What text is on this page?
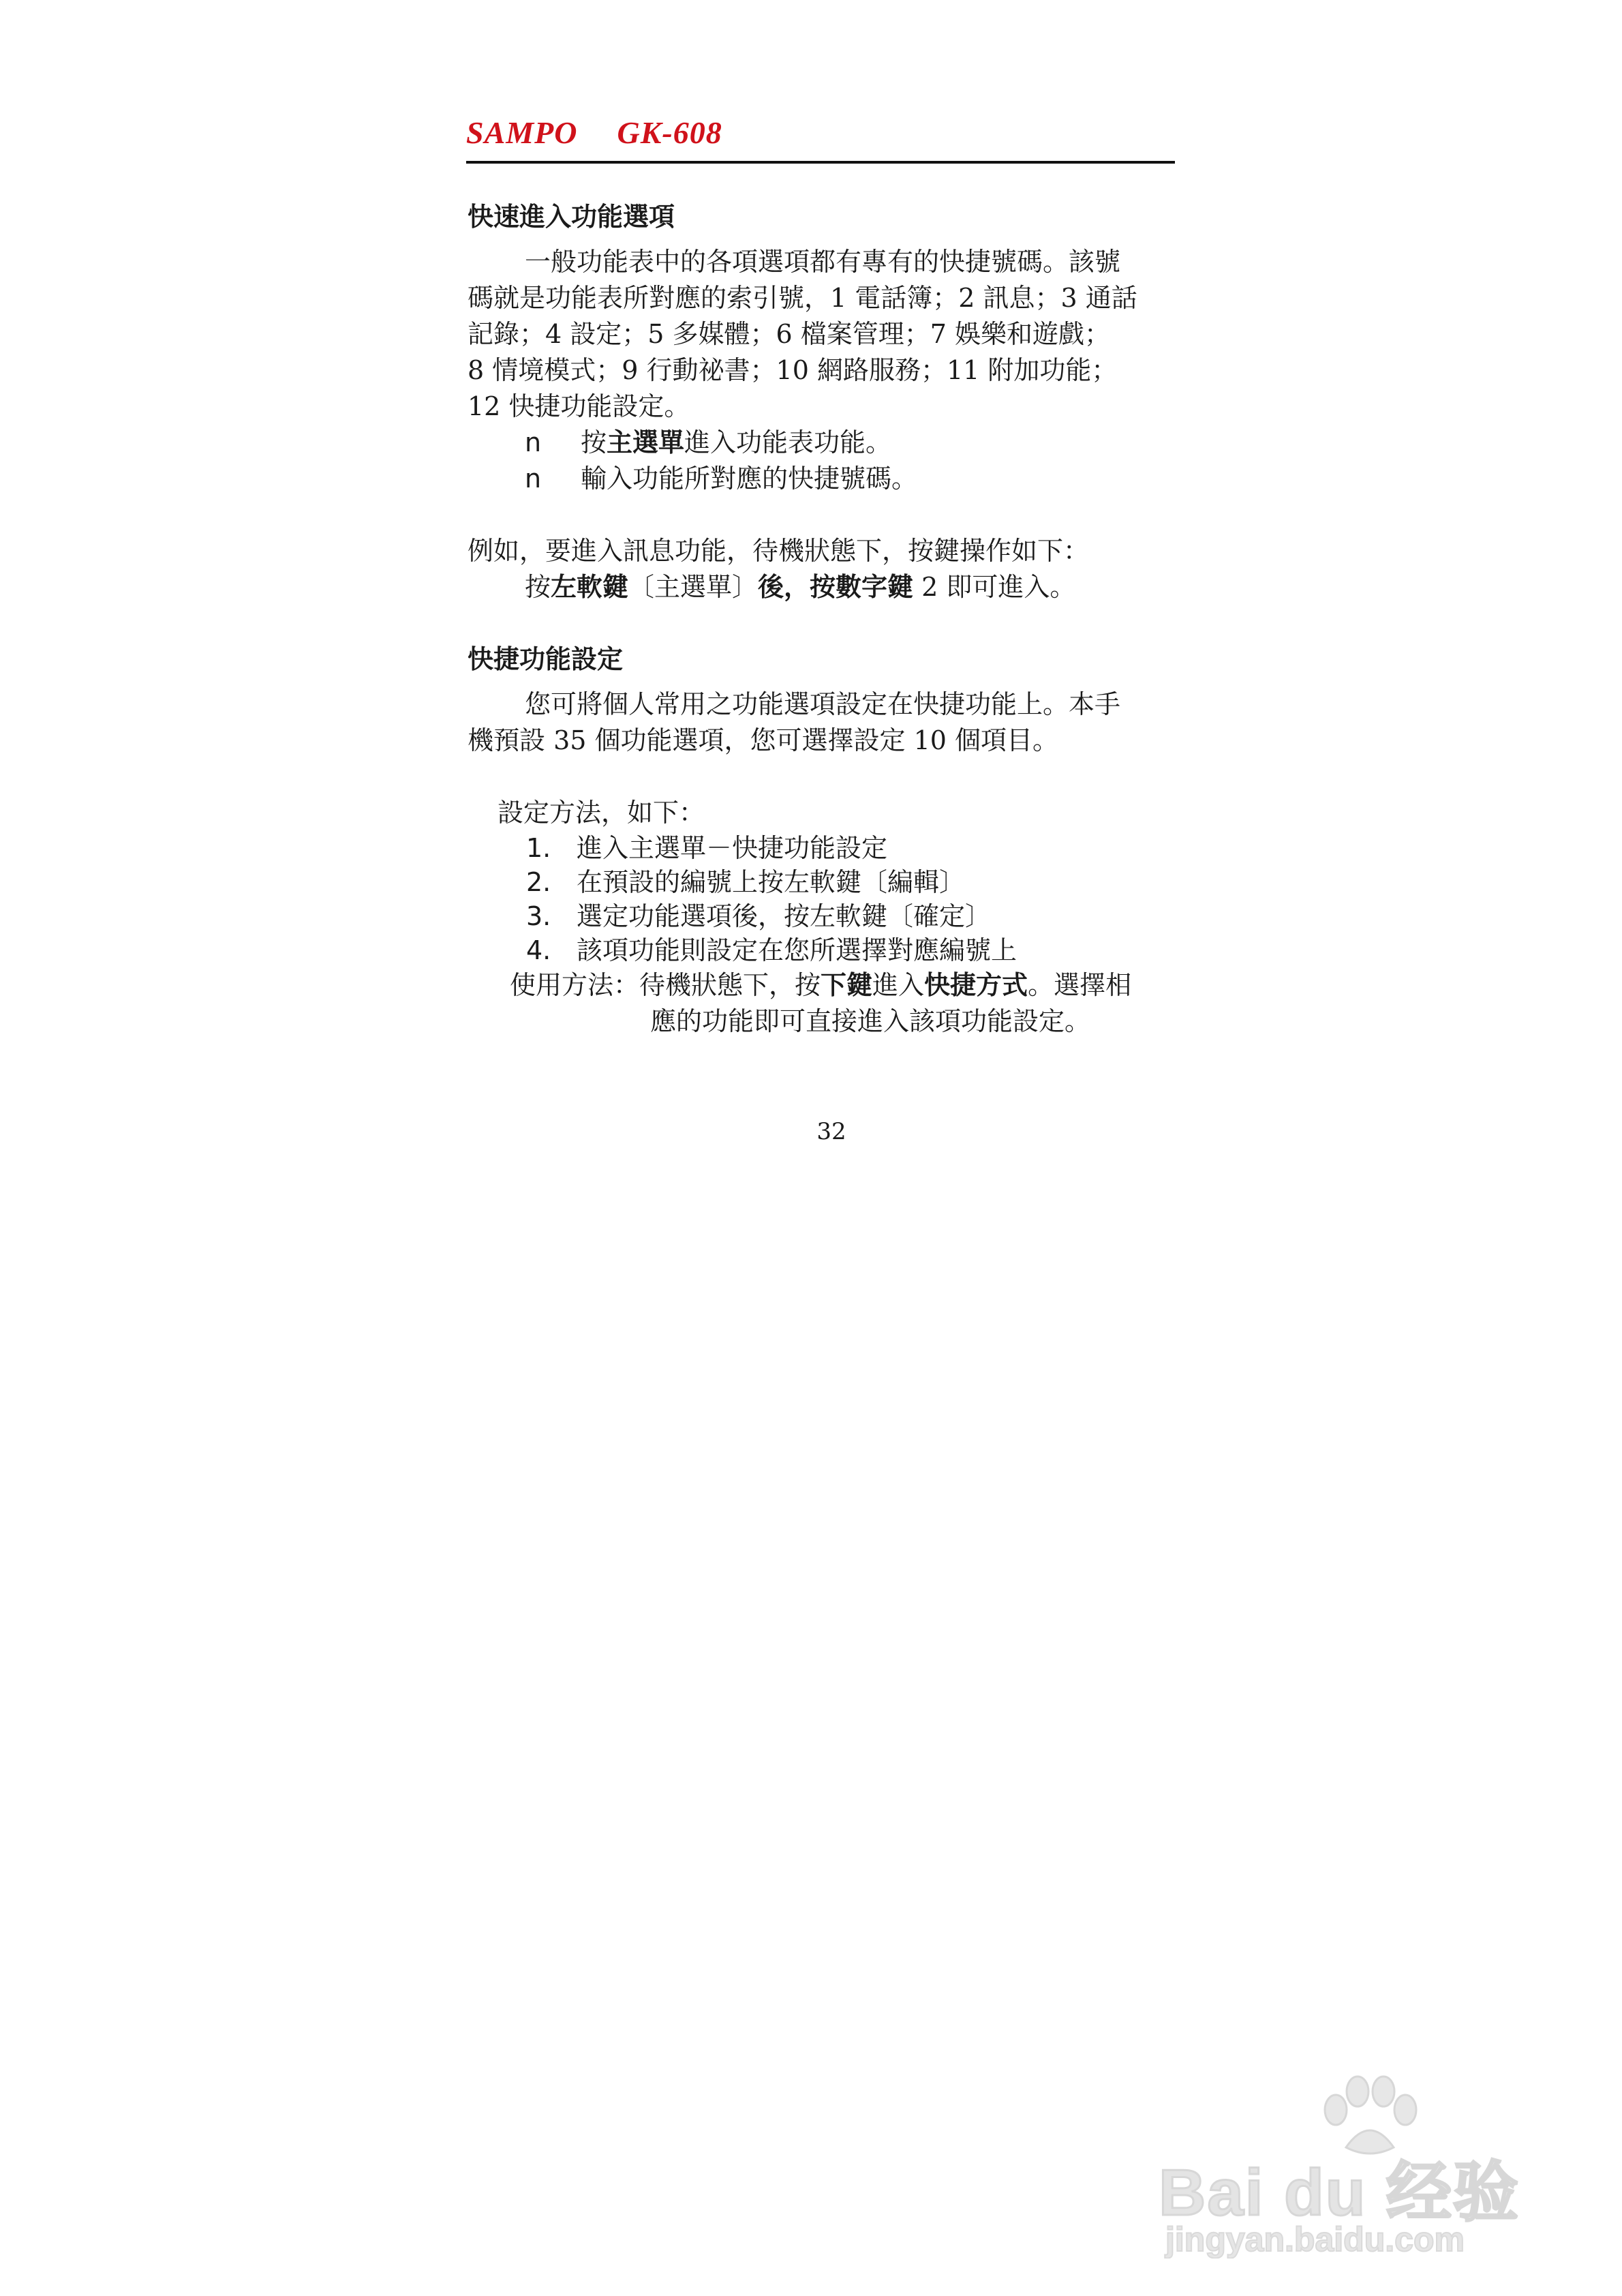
SAMPO GK-608
快速進入功能選項

一般功能表中的各項選項都有專有的快捷號碼。該號

碼就是功能表所對應的索引號，1 電話簿；2 訊息；3 通話

記錄；4 設定；5 多媒體；6 檔案管理；7 娛樂和遊戲；

8 情境模式；9 行動祕書；10 網路服務；11 附加功能；

12 快捷功能設定。

n	按主選單進入功能表功能。
n	輸入功能所對應的快捷號碼。

例如，要進入訊息功能，待機狀態下，按鍵操作如下：

按左軟鍵〔主選單〕後，按數字鍵 2 即可進入。

快捷功能設定

您可將個人常用之功能選項設定在快捷功能上。本手

機預設 35 個功能選項，您可選擇設定 10 個項目。

設定方法，如下：

1. 進入主選單－快捷功能設定
2. 在預設的編號上按左軟鍵〔編輯〕
3. 選定功能選項後，按左軟鍵〔確定〕
4. 該項功能則設定在您所選擇對應編號上

使用方法：待機狀態下，按下鍵進入快捷方式。選擇相

應的功能即可直接進入該項功能設定。

32
Bai du 经验
jingyan.baidu.com
